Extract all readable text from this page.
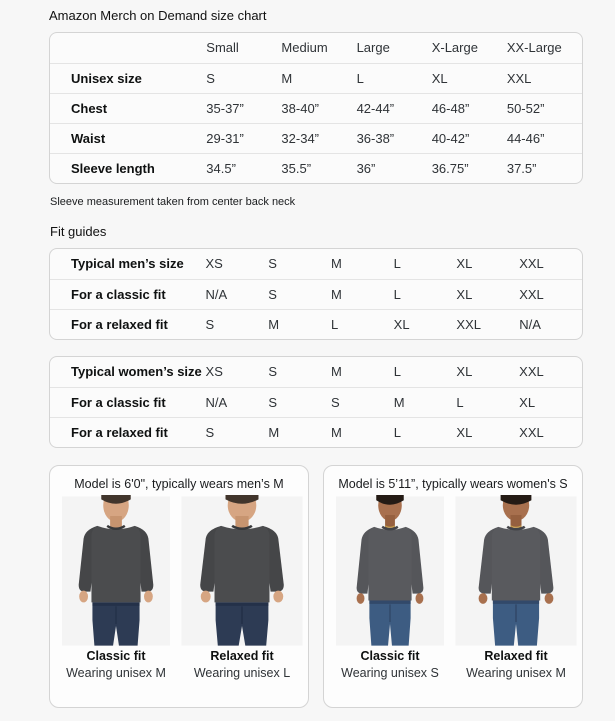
Amazon Merch on Demand size chart
	Small	Medium	Large	X-Large	XX-Large
Unisex size	S	M	L	XL	XXL
Chest	35-37”	38-40”	42-44”	46-48”	50-52”
Waist	29-31”	32-34”	36-38”	40-42”	44-46”
Sleeve length	34.5”	35.5”	36”	36.75”	37.5”
Sleeve measurement taken from center back neck
Fit guides
Typical men’s size	XS	S	M	L	XL	XXL
For a classic fit	N/A	S	M	L	XL	XXL
For a relaxed fit	S	M	L	XL	XXL	N/A
Typical women’s size	XS	S	M	L	XL	XXL
For a classic fit	N/A	S	S	M	L	XL
For a relaxed fit	S	M	M	L	XL	XXL
Model is 6'0", typically wears men’s M
Classic fit
Wearing unisex M
Relaxed fit
Wearing unisex L
Model is 5’11”, typically wears women's S
Classic fit
Wearing unisex S
Relaxed fit
Wearing unisex M
